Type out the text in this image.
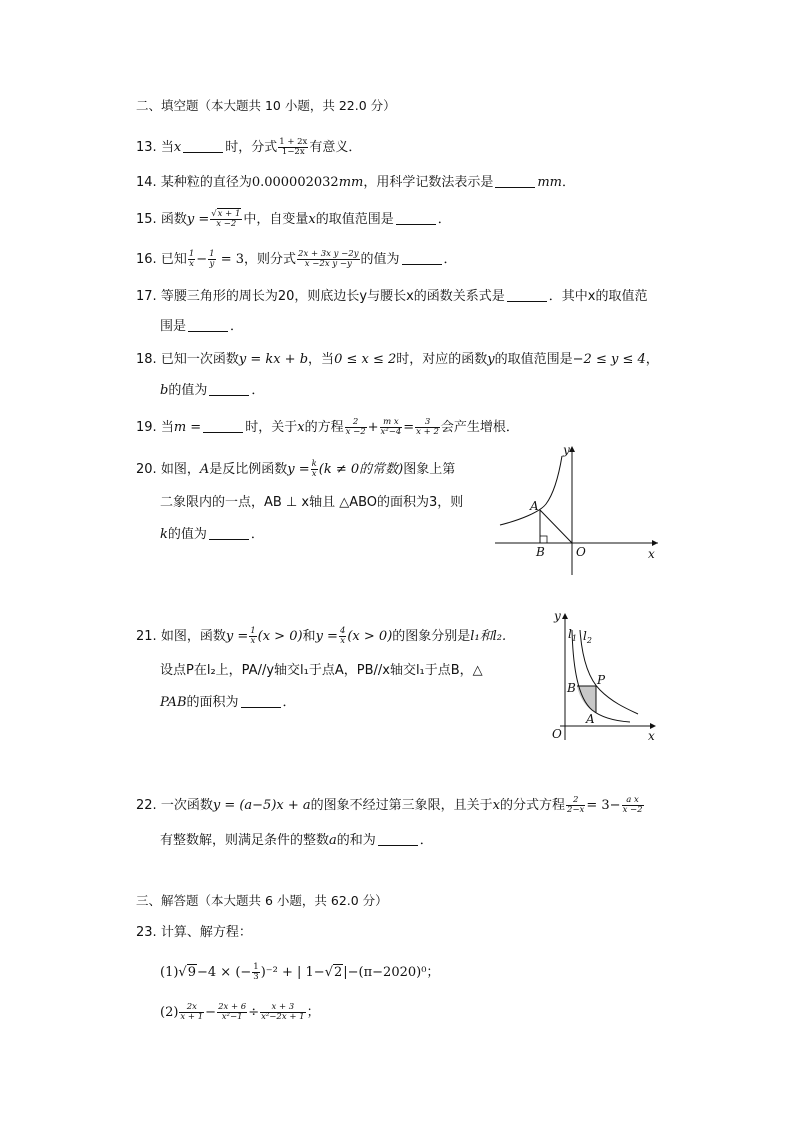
二、填空题（本大题共 10 小题，共 22.0 分）
13. 当x	时，分式 $\frac{1 + 2x}{1-2x}$ 有意义．
14. 某种粒的直径为0.000002032mm，用科学记数法表示是	mm．
15. 函数$y = \frac{√x + 1}{x -2}$ 中，自变量x的取值范围是	．
16. 已知 $\frac{1}{x} - \frac{1}{y} = 3$，则分式 $\frac{\text{2x + 3x y −2y}}{\text{x −2x y −y}}$ 的值为	．
17. 等腰三角形的周长为20，则底边长y与腰长x的函数关系式是	．其中x的取值范
围是	．
18. 已知一次函数y = kx + b，当0 ≤ x ≤ 2时，对应的函数y的取值范围是−2 ≤ y ≤ 4，
b的值为	．
19. 当m =	时，关于x的方程 $\frac{2}{x -2} + \frac{\text{m x}}{\text{x²−4}} = \frac{3}{x + 2}$ 会产生增根．
20. 如图，A是反比例函数$y = \frac{k}{x} (k \ne 0$的常数)图象上第
二象限内的一点，AB ⊥ x轴且 △ABO的面积为3，则
k的值为	．
y
x
A
B	O
21. 如图，函数$y = \frac{1}{x} (x > 0)$和$y = \frac{4}{x} (x > 0)$的图象分别是l₁和l₂.
设点P在l₂上，PA//y轴交l₁于点A，PB//x轴交l₁于点B，△
PAB的面积为	．
y
x
O
$l_1$ $l_2$
P
B
A
22. 一次函数y = (a−5)x + a的图象不经过第三象限，且关于x的分式方程 $\frac{2}{2-x} = 3- \frac{\text{a x}}{x -2}$
有整数解，则满足条件的整数a的和为	．
三、解答题（本大题共 6 小题，共 62.0 分）
23. 计算、解方程：
(1)√9−4 × (− $\frac{1}{3} )^{-2}$ + | 1−√2|−(π−2020)⁰；
$(2) \frac{2x}{x + 1} - \frac{2x + 6}{\text{x²−1}} \div \frac{x + 3}{\text{x²−2x + 1}}$ ；
